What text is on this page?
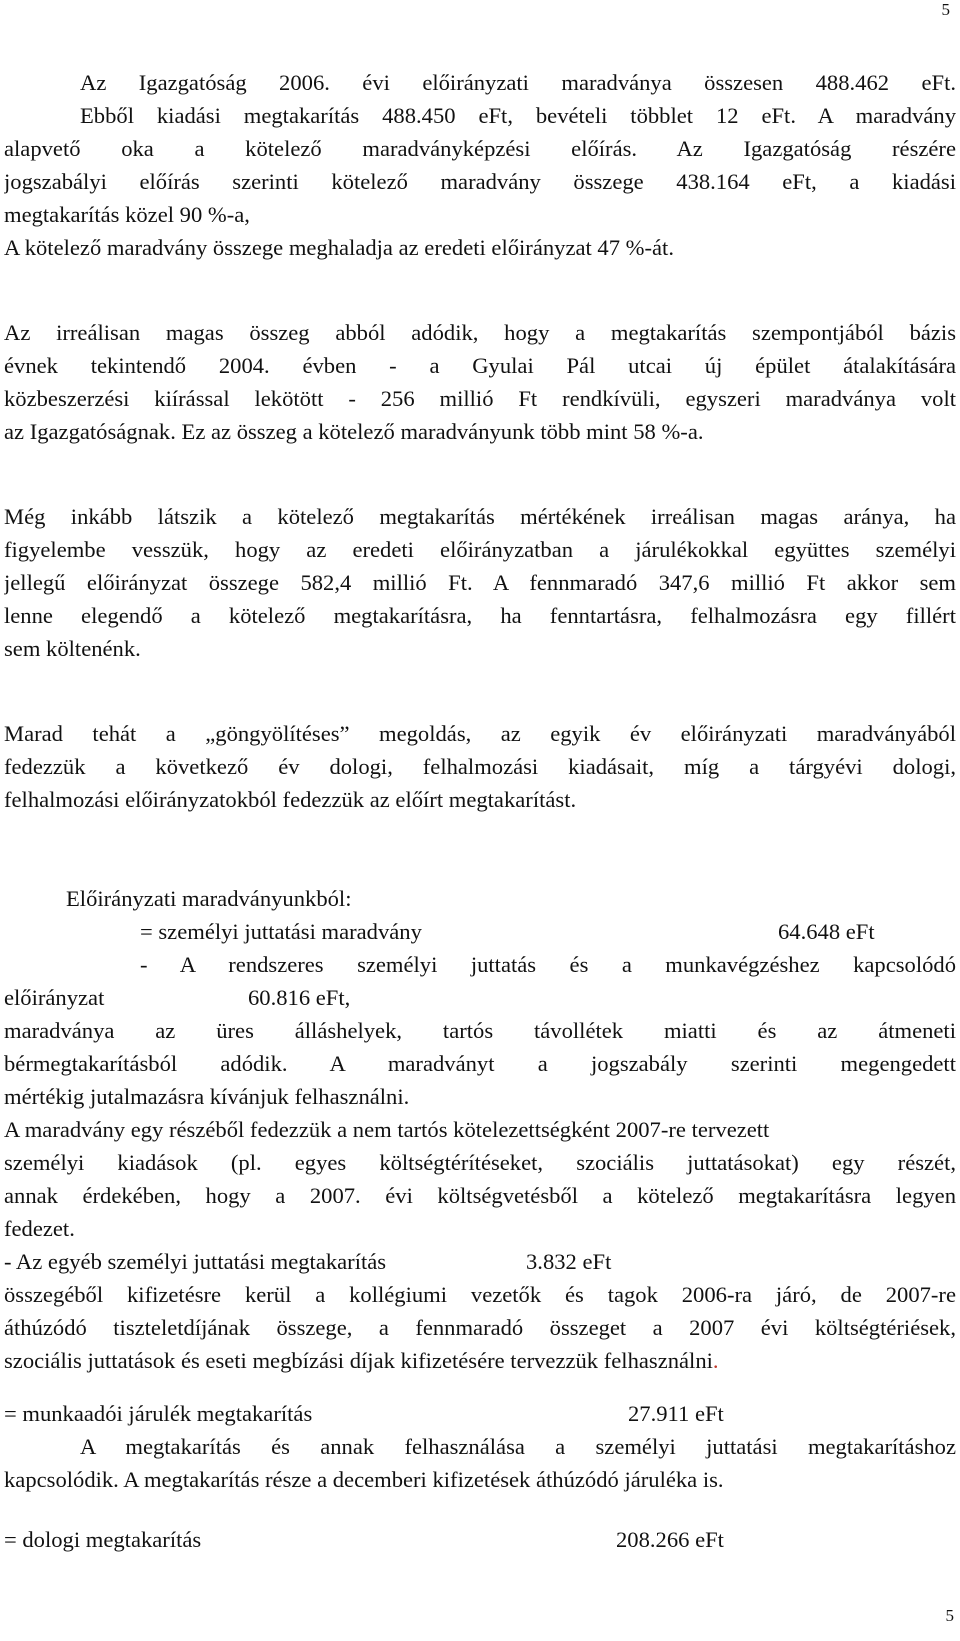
5
Az Igazgatóság 2006. évi előirányzati maradványa összesen 488.462 eFt.
Ebből kiadási megtakarítás 488.450 eFt, bevételi többlet 12 eFt. A maradvány
alapvető oka a kötelező maradványképzési előírás. Az Igazgatóság részére
jogszabályi előírás szerinti kötelező maradvány összege 438.164 eFt, a kiadási
megtakarítás közel 90 %-a,
A kötelező maradvány összege meghaladja az eredeti előirányzat 47 %-át.
Az irreálisan magas összeg abból adódik, hogy a megtakarítás szempontjából bázis
évnek tekintendő 2004. évben - a Gyulai Pál utcai új épület átalakítására
közbeszerzési kiírással lekötött - 256 millió Ft rendkívüli, egyszeri maradványa volt
az Igazgatóságnak. Ez az összeg a kötelező maradványunk több mint 58 %-a.
Még inkább látszik a kötelező megtakarítás mértékének irreálisan magas aránya, ha
figyelembe vesszük, hogy az eredeti előirányzatban a járulékokkal együttes személyi
jellegű előirányzat összege 582,4 millió Ft. A fennmaradó 347,6 millió Ft akkor sem
lenne elegendő a kötelező megtakarításra, ha fenntartásra, felhalmozásra egy fillért
sem költenénk.
Marad tehát a „göngyölítéses” megoldás, az egyik év előirányzati maradványából
fedezzük a következő év dologi, felhalmozási kiadásait, míg a tárgyévi dologi,
felhalmozási előirányzatokból fedezzük az előírt megtakarítást.
Előirányzati maradványunkból:
= személyi juttatási maradvány	64.648 eFt
- A rendszeres személyi juttatás és a munkavégzéshez kapcsolódó
előirányzat	60.816 eFt,
maradványa az üres álláshelyek, tartós távollétek miatti és az átmeneti
bérmegtakarításból adódik. A maradványt a jogszabály szerinti megengedett
mértékig jutalmazásra kívánjuk felhasználni.
A maradvány egy részéből fedezzük a nem tartós kötelezettségként 2007-re tervezett
személyi kiadások (pl. egyes költségtérítéseket, szociális juttatásokat) egy részét,
annak érdekében, hogy a 2007. évi költségvetésből a kötelező megtakarításra legyen
fedezet.
- Az egyéb személyi juttatási megtakarítás	3.832 eFt
összegéből kifizetésre kerül a kollégiumi vezetők és tagok 2006-ra járó, de 2007-re
áthúzódó tiszteletdíjának összege, a fennmaradó összeget a 2007 évi költségtériések,
szociális juttatások és eseti megbízási díjak kifizetésére tervezzük felhasználni.
= munkaadói járulék megtakarítás	27.911 eFt
A megtakarítás és annak felhasználása a személyi juttatási megtakarításhoz
kapcsolódik. A megtakarítás része a decemberi kifizetések áthúzódó járuléka is.
= dologi megtakarítás	208.266 eFt
5
